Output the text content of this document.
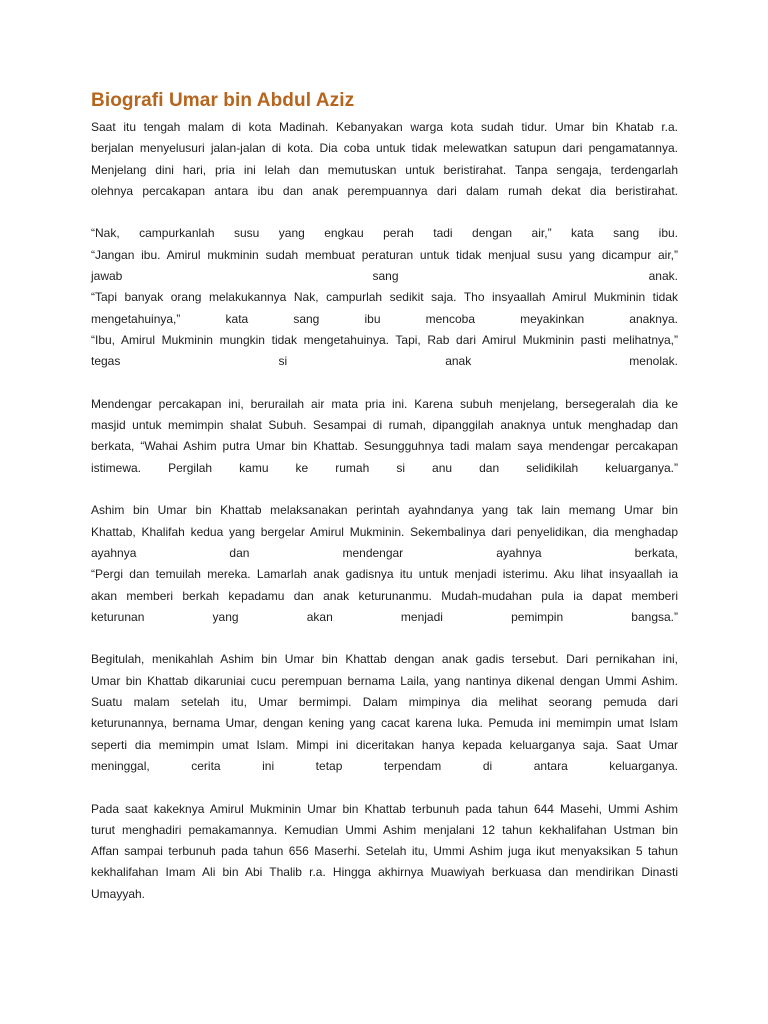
Biografi Umar bin Abdul Aziz
Saat itu tengah malam di kota Madinah. Kebanyakan warga kota sudah tidur. Umar bin Khatab r.a.
berjalan menyelusuri jalan-jalan di kota. Dia coba untuk tidak melewatkan satupun dari pengamatannya.
Menjelang dini hari, pria ini lelah dan memutuskan untuk beristirahat. Tanpa sengaja, terdengarlah
olehnya percakapan antara ibu dan anak perempuannya dari dalam rumah dekat dia beristirahat.
“Nak, campurkanlah susu yang engkau perah tadi dengan air,” kata sang ibu.
“Jangan ibu. Amirul mukminin sudah membuat peraturan untuk tidak menjual susu yang dicampur air,”
jawab sang anak.
“Tapi banyak orang melakukannya Nak, campurlah sedikit saja. Tho insyaallah Amirul Mukminin tidak
mengetahuinya,” kata sang ibu mencoba meyakinkan anaknya.
“Ibu, Amirul Mukminin mungkin tidak mengetahuinya. Tapi, Rab dari Amirul Mukminin pasti melihatnya,”
tegas si anak menolak.
Mendengar percakapan ini, berurailah air mata pria ini. Karena subuh menjelang, bersegeralah dia ke
masjid untuk memimpin shalat Subuh. Sesampai di rumah, dipanggilah anaknya untuk menghadap dan
berkata, “Wahai Ashim putra Umar bin Khattab. Sesungguhnya tadi malam saya mendengar percakapan
istimewa. Pergilah kamu ke rumah si anu dan selidikilah keluarganya.”
Ashim bin Umar bin Khattab melaksanakan perintah ayahndanya yang tak lain memang Umar bin
Khattab, Khalifah kedua yang bergelar Amirul Mukminin. Sekembalinya dari penyelidikan, dia menghadap
ayahnya dan mendengar ayahnya berkata,
“Pergi dan temuilah mereka. Lamarlah anak gadisnya itu untuk menjadi isterimu. Aku lihat insyaallah ia
akan memberi berkah kepadamu dan anak keturunanmu. Mudah-mudahan pula ia dapat memberi
keturunan yang akan menjadi pemimpin bangsa.”
Begitulah, menikahlah Ashim bin Umar bin Khattab dengan anak gadis tersebut. Dari pernikahan ini,
Umar bin Khattab dikaruniai cucu perempuan bernama Laila, yang nantinya dikenal dengan Ummi Ashim.
Suatu malam setelah itu, Umar bermimpi. Dalam mimpinya dia melihat seorang pemuda dari
keturunannya, bernama Umar, dengan kening yang cacat karena luka. Pemuda ini memimpin umat Islam
seperti dia memimpin umat Islam. Mimpi ini diceritakan hanya kepada keluarganya saja. Saat Umar
meninggal, cerita ini tetap terpendam di antara keluarganya.
Pada saat kakeknya Amirul Mukminin Umar bin Khattab terbunuh pada tahun 644 Masehi, Ummi Ashim
turut menghadiri pemakamannya. Kemudian Ummi Ashim menjalani 12 tahun kekhalifahan Ustman bin
Affan sampai terbunuh pada tahun 656 Maserhi. Setelah itu, Ummi Ashim juga ikut menyaksikan 5 tahun
kekhalifahan Imam Ali bin Abi Thalib r.a. Hingga akhirnya Muawiyah berkuasa dan mendirikan Dinasti
Umayyah.
